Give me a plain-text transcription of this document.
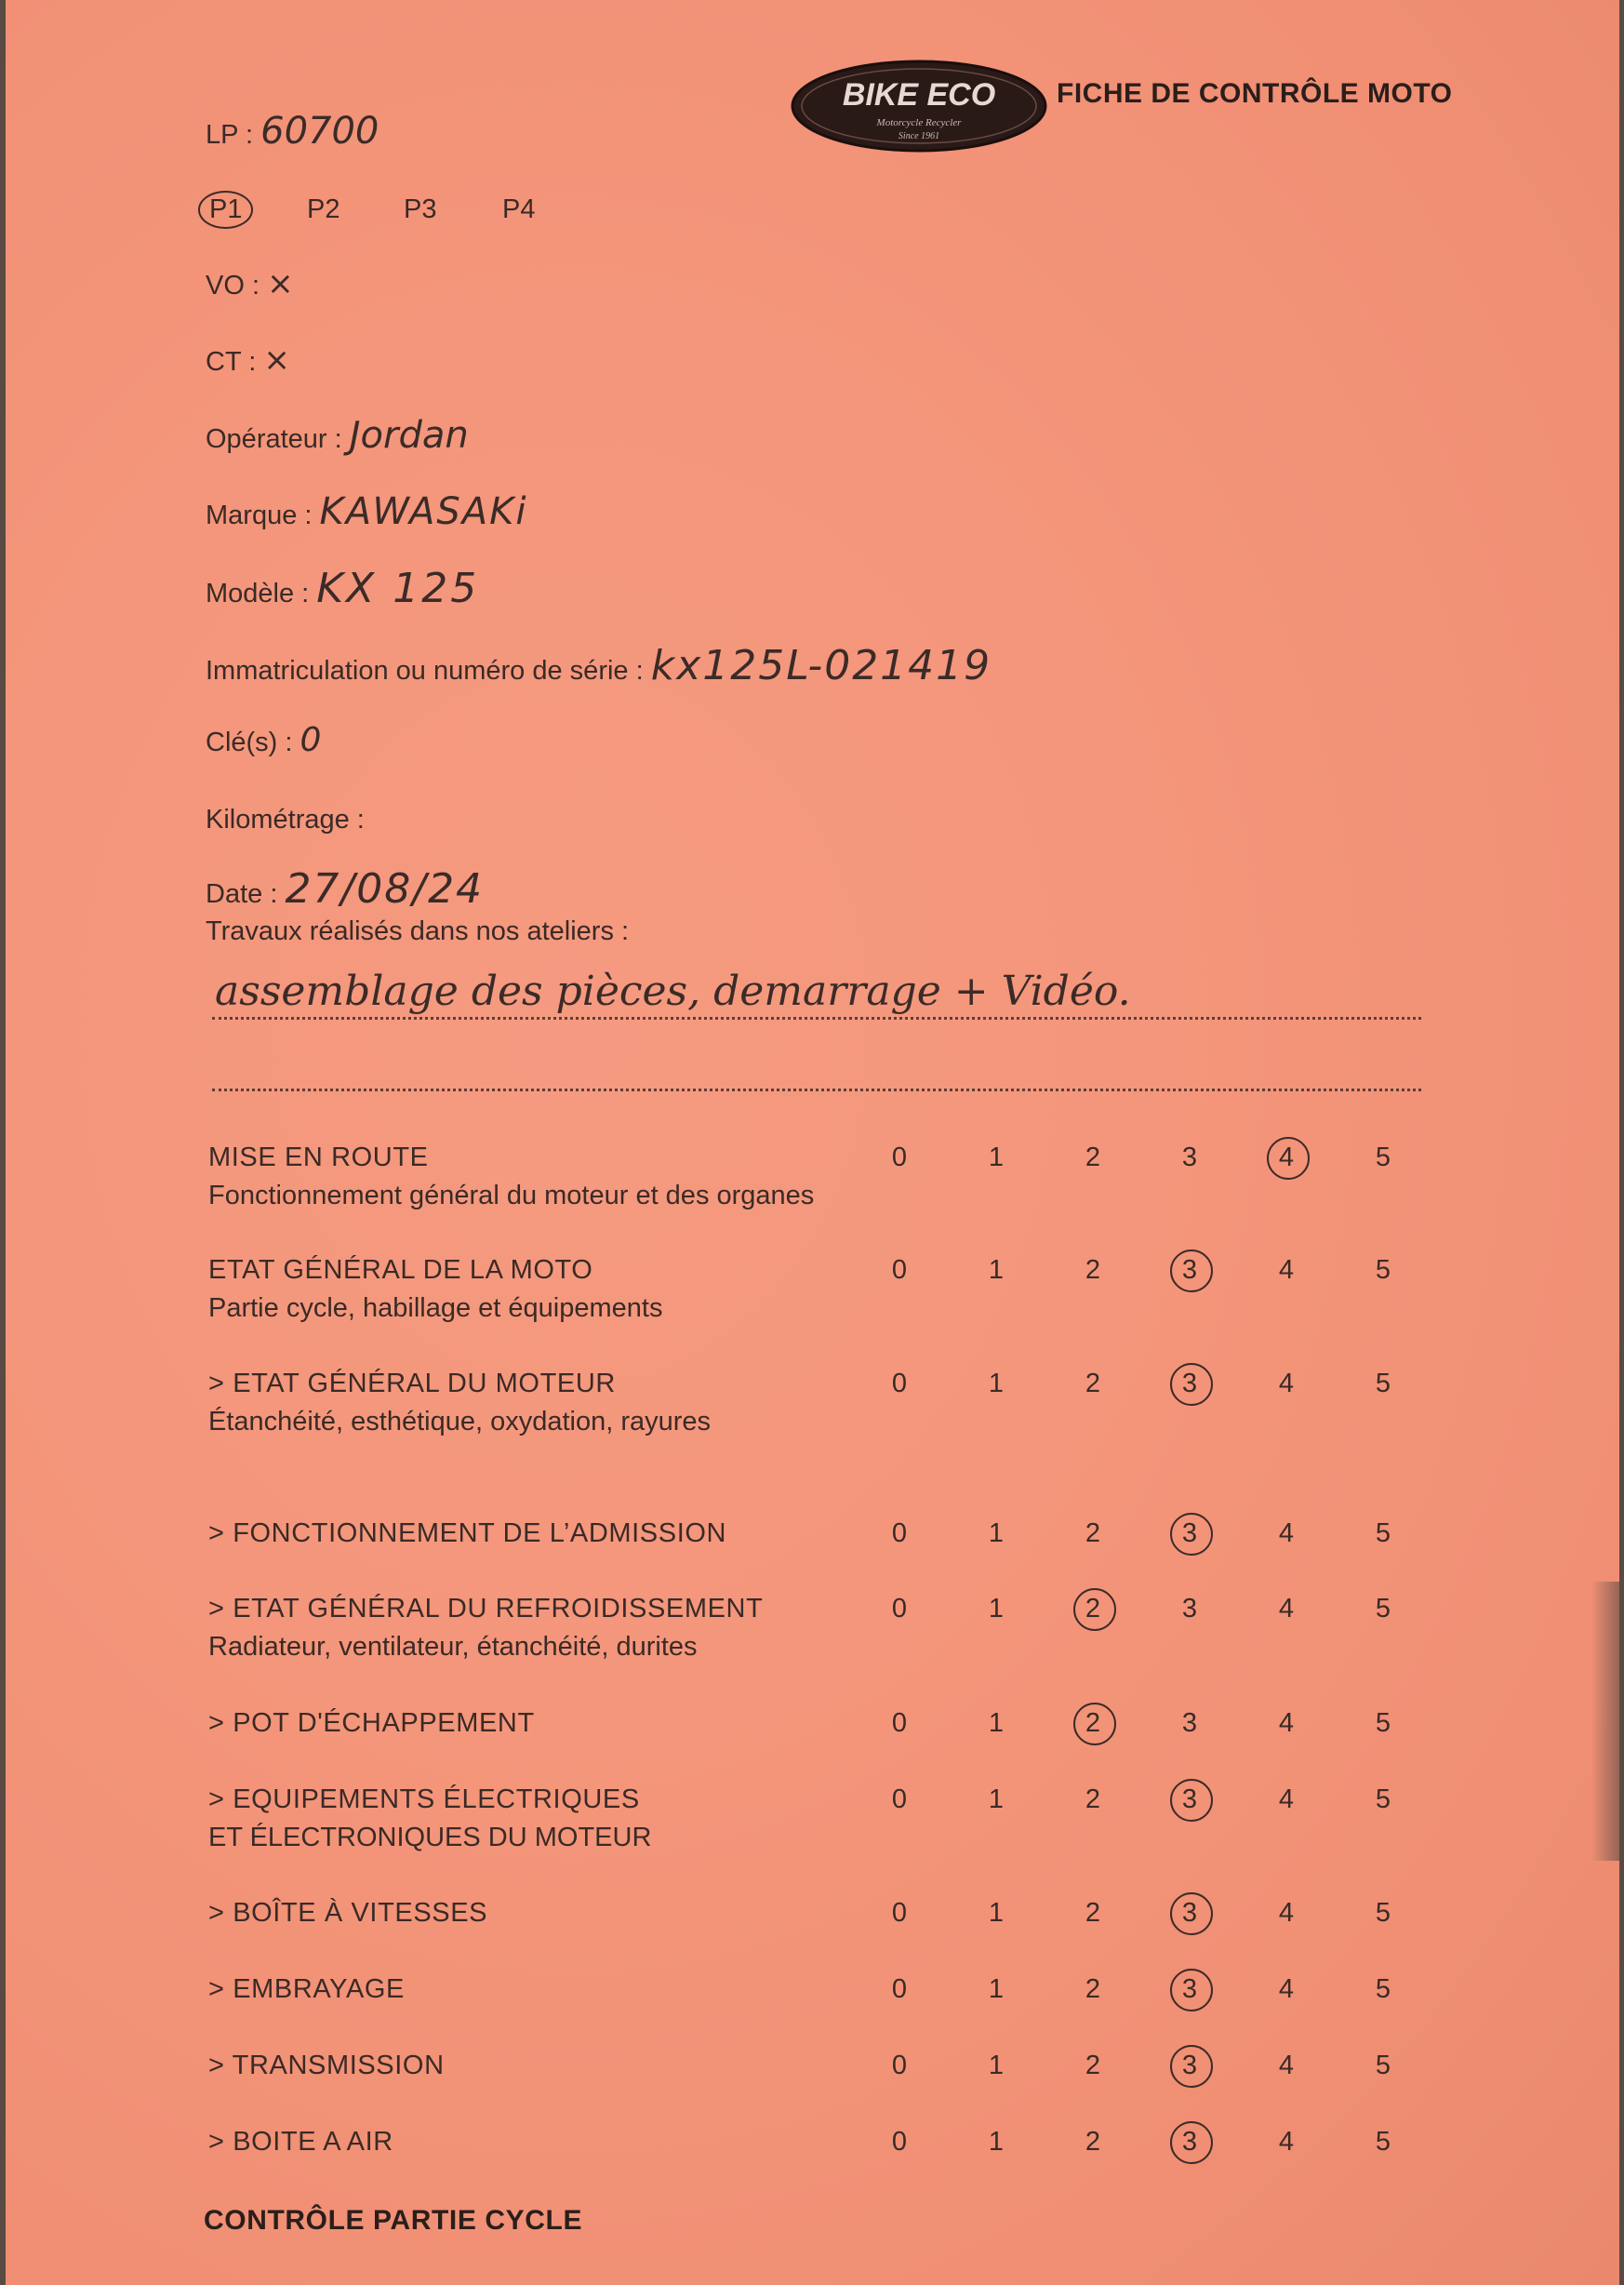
BIKE ECO
Motorcycle Recycler
Since 1961
FICHE DE CONTRÔLE MOTO
LP : 60700
P1	P2 P3 P4
VO : ×
CT : ×
Opérateur : Jordan
Marque : KAWASAKi
Modèle : KX 125
Immatriculation ou numéro de série : kx125L-021419
Clé(s) : 0
Kilométrage :
Date : 27/08/24
Travaux réalisés dans nos ateliers :
assemblage des pièces, demarrage + Vidéo.
MISE EN ROUTE
Fonctionnement général du moteur et des organes
0	1	2	3	4	5
ETAT GÉNÉRAL DE LA MOTO
Partie cycle, habillage et équipements
0	1	2	3	4	5
> ETAT GÉNÉRAL DU MOTEUR
Étanchéité, esthétique, oxydation, rayures
0	1	2	3	4	5
> FONCTIONNEMENT DE L’ADMISSION	0	1	2	3	4	5
> ETAT GÉNÉRAL DU REFROIDISSEMENT
Radiateur, ventilateur, étanchéité, durites
0	1	2	3	4	5
> POT D'ÉCHAPPEMENT	0	1	2	3	4	5
> EQUIPEMENTS ÉLECTRIQUES
ET ÉLECTRONIQUES DU MOTEUR
0	1	2	3	4	5
> BOÎTE À VITESSES	0	1	2	3	4	5
> EMBRAYAGE	0	1	2	3	4	5
> TRANSMISSION	0	1	2	3	4	5
> BOITE A AIR	0	1	2	3	4	5
CONTRÔLE PARTIE CYCLE
